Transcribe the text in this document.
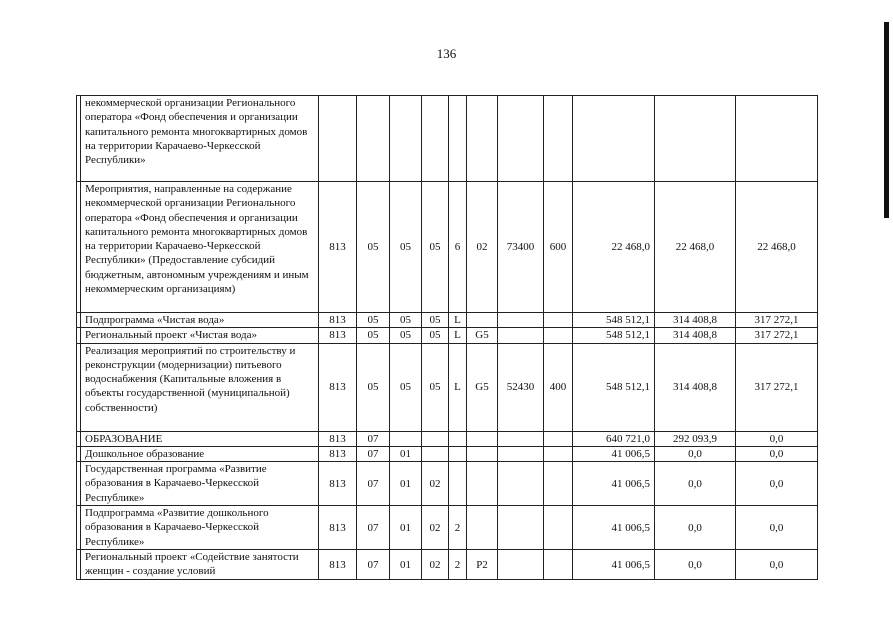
136
	некоммерческой организации Регионального оператора «Фонд обеспечения и организации капитального ремонта многоквартирных домов на территории Карачаево-Черкесской Республики»											
	Мероприятия, направленные на содержание некоммерческой организации Регионального оператора «Фонд обеспечения и организации капитального ремонта многоквартирных домов на территории Карачаево-Черкесской Республики» (Предоставление субсидий бюджетным, автономным учреждениям и иным некоммерческим организациям)	813	05	05	05	6	02	73400	600	22 468,0	22 468,0	22 468,0
	Подпрограмма «Чистая вода»	813	05	05	05	L				548 512,1	314 408,8	317 272,1
	Региональный проект «Чистая вода»	813	05	05	05	L	G5			548 512,1	314 408,8	317 272,1
	Реализация мероприятий по строительству и реконструкции (модернизации) питьевого водоснабжения (Капитальные вложения в объекты государственной (муниципальной) собственности)	813	05	05	05	L	G5	52430	400	548 512,1	314 408,8	317 272,1
	ОБРАЗОВАНИЕ	813	07							640 721,0	292 093,9	0,0
	Дошкольное образование	813	07	01						41 006,5	0,0	0,0
	Государственная программа «Развитие образования в Карачаево-Черкесской Республике»	813	07	01	02					41 006,5	0,0	0,0
	Подпрограмма «Развитие дошкольного образования в Карачаево-Черкесской Республике»	813	07	01	02	2				41 006,5	0,0	0,0
	Региональный проект «Содействие занятости женщин - создание условий	813	07	01	02	2	P2			41 006,5	0,0	0,0
